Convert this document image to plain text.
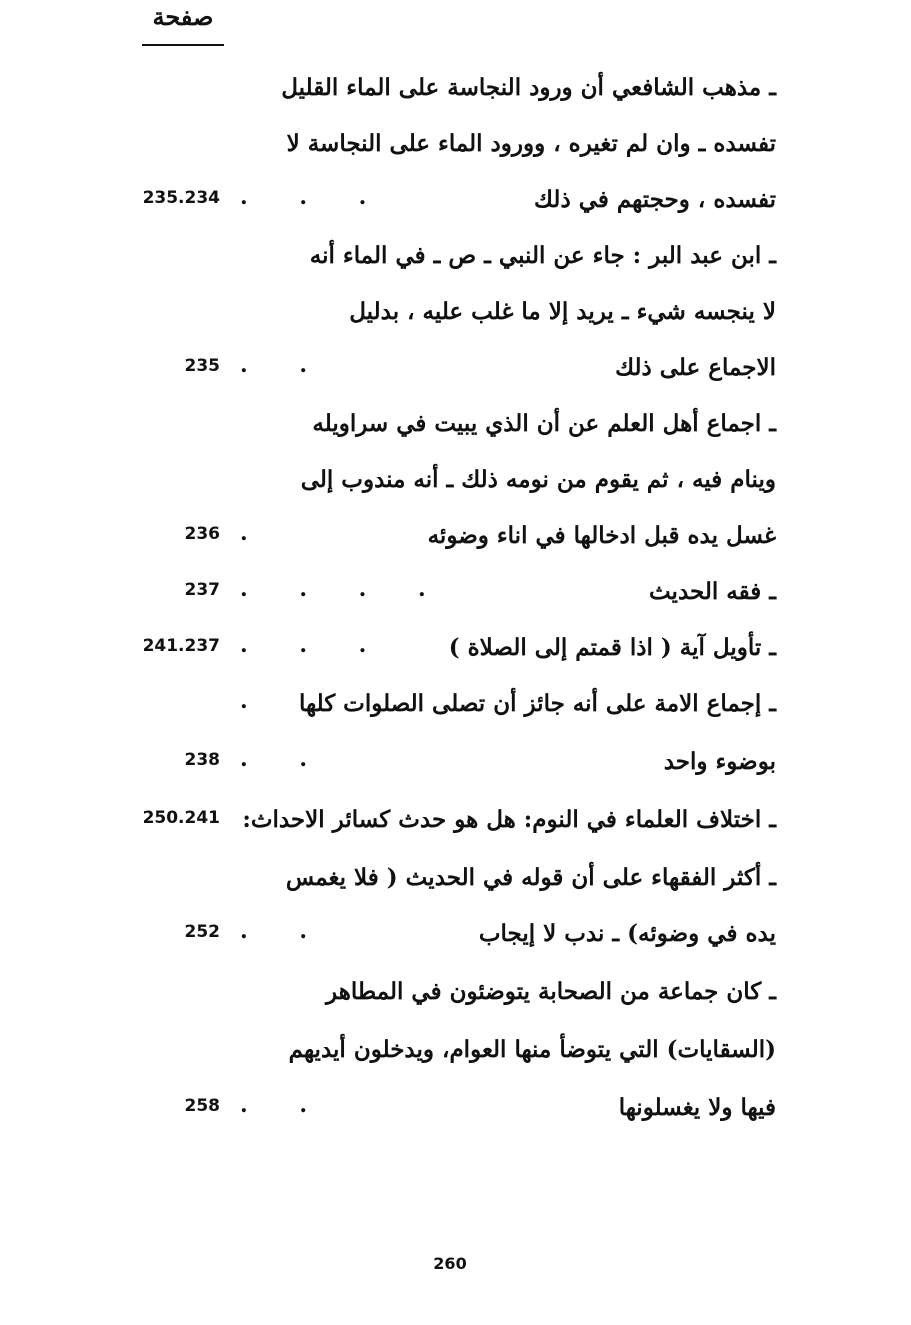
صفحة
ـ مذهب الشافعي أن ورود النجاسة على الماء القليل
تفسده ـ وان لم تغيره ، وورود الماء على النجاسة لا
تفسده ، وحجتهم في ذلك
. . .
235.234
ـ ابن عبد البر : جاء عن النبي ـ ص ـ في الماء أنه
لا ينجسه شيء ـ يريد إلا ما غلب عليه ، بدليل
الاجماع على ذلك
. .
235
ـ اجماع أهل العلم عن أن الذي يبيت في سراويله
وينام فيه ، ثم يقوم من نومه ذلك ـ أنه مندوب إلى
غسل يده قبل ادخالها في اناء وضوئه
.
236
ـ فقه الحديث
. . . .
237
ـ تأويل آية ( اذا قمتم إلى الصلاة )
. . .
241.237
ـ إجماع الامة على أنه جائز أن تصلى الصلوات كلها
.
بوضوء واحد
. .
238
ـ اختلاف العلماء في النوم: هل هو حدث كسائر الاحداث:
250.241
ـ أكثر الفقهاء على أن قوله في الحديث ( فلا يغمس
يده في وضوئه) ـ ندب لا إيجاب
. .
252
ـ كان جماعة من الصحابة يتوضئون في المطاهر
(السقايات) التي يتوضأ منها العوام، ويدخلون أيديهم
فيها ولا يغسلونها
. .
258
260
